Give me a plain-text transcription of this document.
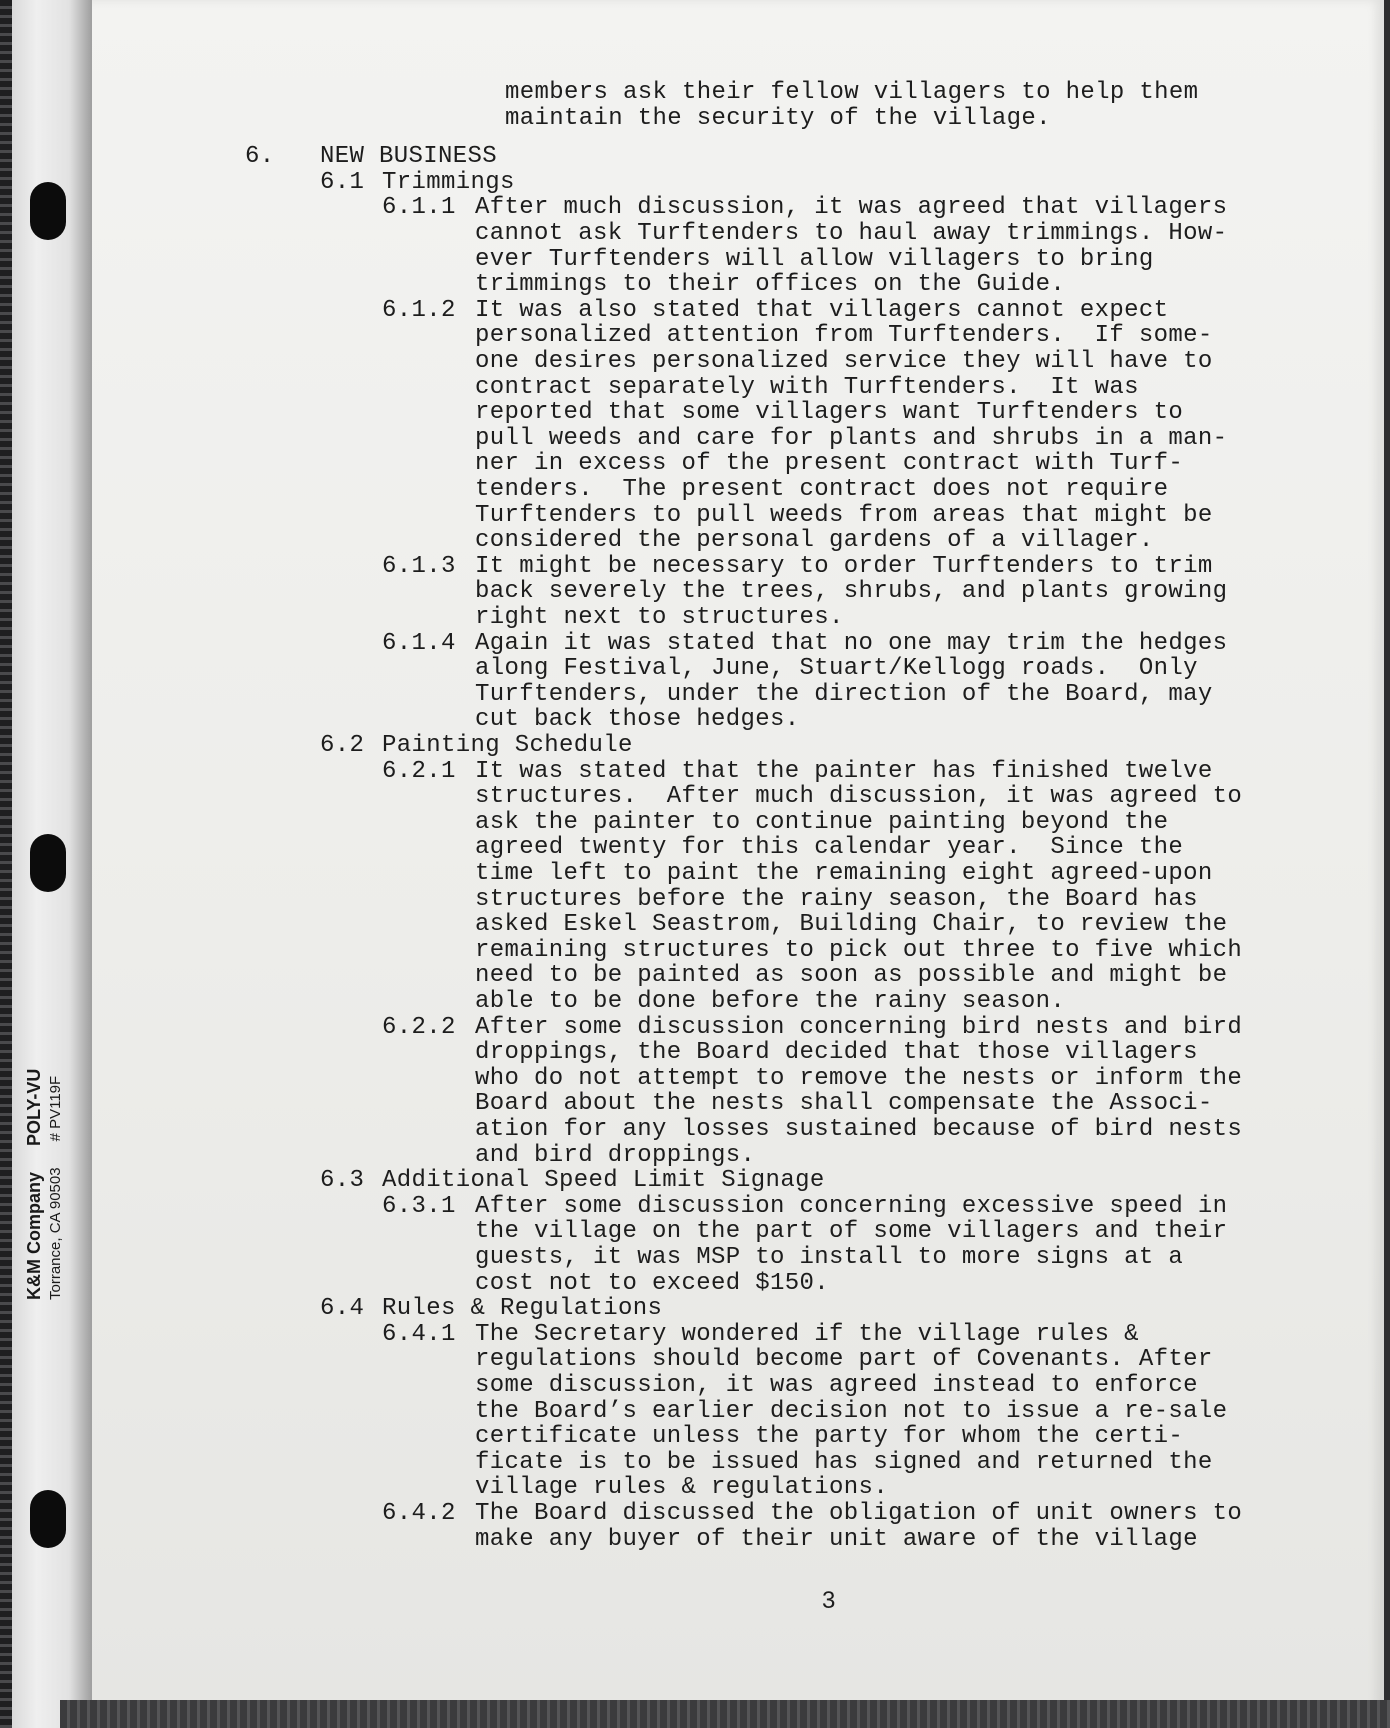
K&M CompanyPOLY-VU
Torrance, CA 90503# PV119F
members ask their fellow villagers to help them
maintain the security of the village.
6. NEW BUSINESS
6.1 Trimmings
6.1.1 After much discussion, it was agreed that villagers
cannot ask Turftenders to haul away trimmings. How-
ever Turftenders will allow villagers to bring
trimmings to their offices on the Guide.
6.1.2 It was also stated that villagers cannot expect
personalized attention from Turftenders.  If some-
one desires personalized service they will have to
contract separately with Turftenders.  It was
reported that some villagers want Turftenders to
pull weeds and care for plants and shrubs in a man-
ner in excess of the present contract with Turf-
tenders.  The present contract does not require
Turftenders to pull weeds from areas that might be
considered the personal gardens of a villager.
6.1.3 It might be necessary to order Turftenders to trim
back severely the trees, shrubs, and plants growing
right next to structures.
6.1.4 Again it was stated that no one may trim the hedges
along Festival, June, Stuart/Kellogg roads.  Only
Turftenders, under the direction of the Board, may
cut back those hedges.
6.2 Painting Schedule
6.2.1 It was stated that the painter has finished twelve
structures.  After much discussion, it was agreed to
ask the painter to continue painting beyond the
agreed twenty for this calendar year.  Since the
time left to paint the remaining eight agreed-upon
structures before the rainy season, the Board has
asked Eskel Seastrom, Building Chair, to review the
remaining structures to pick out three to five which
need to be painted as soon as possible and might be
able to be done before the rainy season.
6.2.2 After some discussion concerning bird nests and bird
droppings, the Board decided that those villagers
who do not attempt to remove the nests or inform the
Board about the nests shall compensate the Associ-
ation for any losses sustained because of bird nests
and bird droppings.
6.3 Additional Speed Limit Signage
6.3.1 After some discussion concerning excessive speed in
the village on the part of some villagers and their
guests, it was MSP to install to more signs at a
cost not to exceed $150.
6.4 Rules & Regulations
6.4.1 The Secretary wondered if the village rules &
regulations should become part of Covenants. After
some discussion, it was agreed instead to enforce
the Board’s earlier decision not to issue a re-sale
certificate unless the party for whom the certi-
ficate is to be issued has signed and returned the
village rules & regulations.
6.4.2 The Board discussed the obligation of unit owners to
make any buyer of their unit aware of the village
3
